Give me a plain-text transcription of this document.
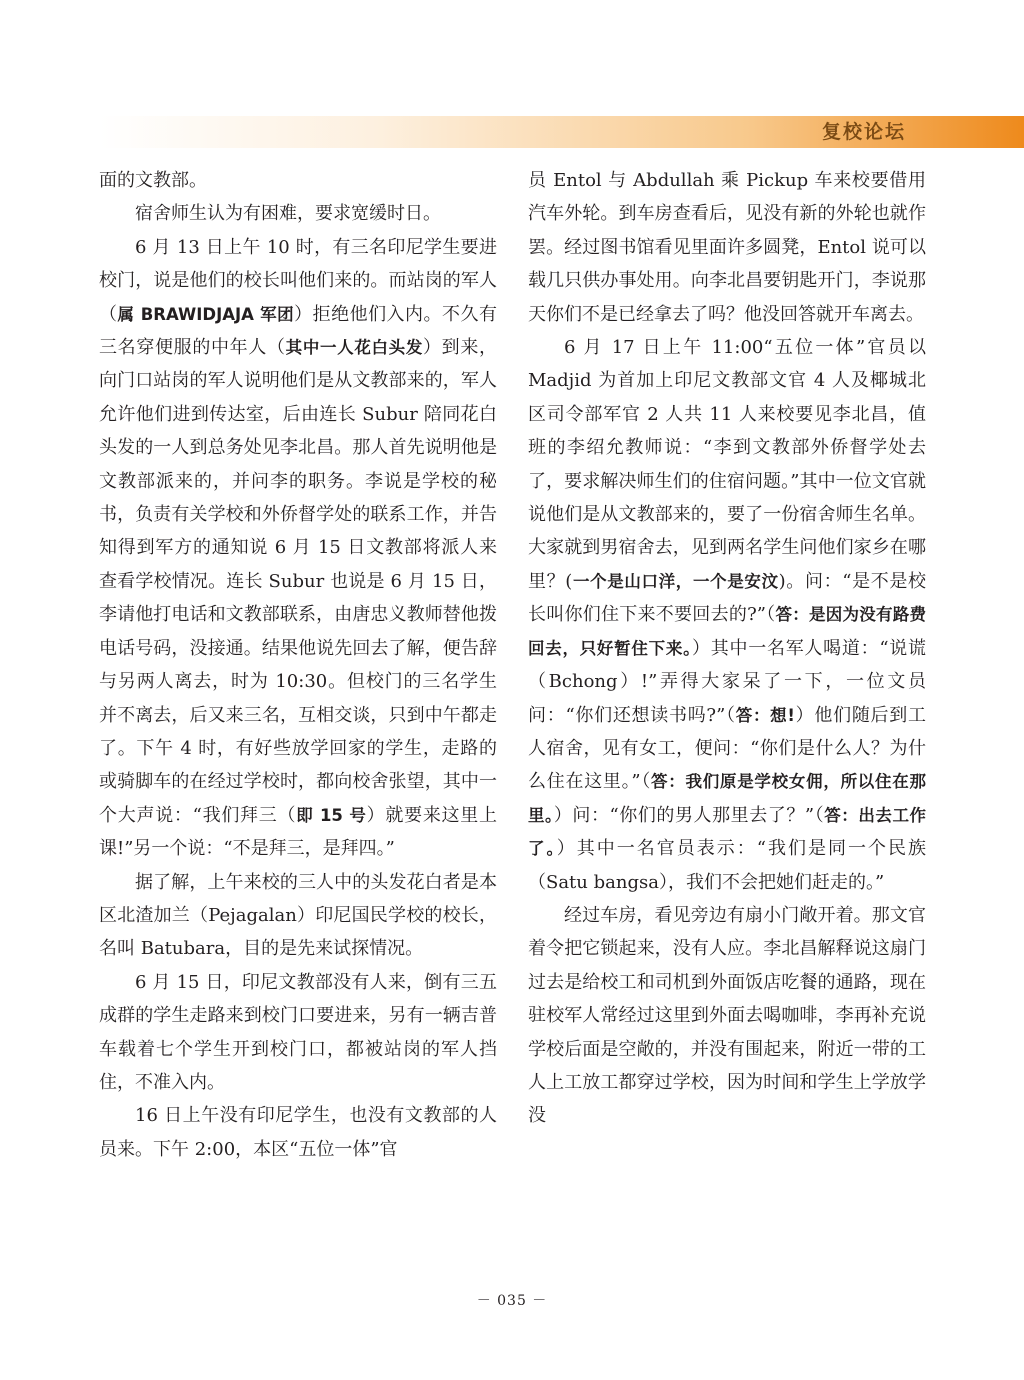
复校论坛

面的文教部。

宿舍师生认为有困难，要求宽缓时日。

6 月 13 日上午 10 时，有三名印尼学生要进校门，说是他们的校长叫他们来的。而站岗的军人（属 BRAWIDJAJA 军团）拒绝他们入内。不久有三名穿便服的中年人（其中一人花白头发）到来，向门口站岗的军人说明他们是从文教部来的，军人允许他们进到传达室，后由连长 Subur 陪同花白头发的一人到总务处见李北昌。那人首先说明他是文教部派来的，并问李的职务。李说是学校的秘书，负责有关学校和外侨督学处的联系工作，并告知得到军方的通知说 6 月 15 日文教部将派人来查看学校情况。连长 Subur 也说是 6 月 15 日，李请他打电话和文教部联系，由唐忠义教师替他拨电话号码，没接通。结果他说先回去了解，便告辞与另两人离去，时为 10:30。但校门的三名学生并不离去，后又来三名，互相交谈，只到中午都走了。下午 4 时，有好些放学回家的学生，走路的或骑脚车的在经过学校时，都向校舍张望，其中一个大声说：“我们拜三（即 15 号）就要来这里上课!”另一个说：“不是拜三，是拜四。”

据了解，上午来校的三人中的头发花白者是本区北渣加兰（Pejagalan）印尼国民学校的校长，名叫 Batubara，目的是先来试探情况。

6 月 15 日，印尼文教部没有人来，倒有三五成群的学生走路来到校门口要进来，另有一辆吉普车载着七个学生开到校门口，都被站岗的军人挡住，不准入内。

16 日上午没有印尼学生，也没有文教部的人员来。下午 2:00，本区“五位一体”官

员 Entol 与 Abdullah 乘 Pickup 车来校要借用汽车外轮。到车房查看后，见没有新的外轮也就作罢。经过图书馆看见里面许多圆凳，Entol 说可以载几只供办事处用。向李北昌要钥匙开门，李说那天你们不是已经拿去了吗？他没回答就开车离去。

6 月 17 日上午 11:00“五位一体”官员以 Madjid 为首加上印尼文教部文官 4 人及椰城北区司令部军官 2 人共 11 人来校要见李北昌，值班的李绍允教师说：“李到文教部外侨督学处去了，要求解决师生们的住宿问题。”其中一位文官就说他们是从文教部来的，要了一份宿舍师生名单。大家就到男宿舍去，见到两名学生问他们家乡在哪里？(一个是山口洋，一个是安汶)。问：“是不是校长叫你们住下来不要回去的?”（答：是因为没有路费回去，只好暂住下来。）其中一名军人喝道：“说谎（Bchong）!”弄得大家呆了一下，一位文员问：“你们还想读书吗?”（答：想!）他们随后到工人宿舍，见有女工，便问：“你们是什么人？为什么住在这里。”（答：我们原是学校女佣，所以住在那里。）问：“你们的男人那里去了？”（答：出去工作了。）其中一名官员表示：“我们是同一个民族（Satu bangsa），我们不会把她们赶走的。”

经过车房，看见旁边有扇小门敞开着。那文官着令把它锁起来，没有人应。李北昌解释说这扇门过去是给校工和司机到外面饭店吃餐的通路，现在驻校军人常经过这里到外面去喝咖啡，李再补充说学校后面是空敞的，并没有围起来，附近一带的工人上工放工都穿过学校，因为时间和学生上学放学没

－ 035 －
